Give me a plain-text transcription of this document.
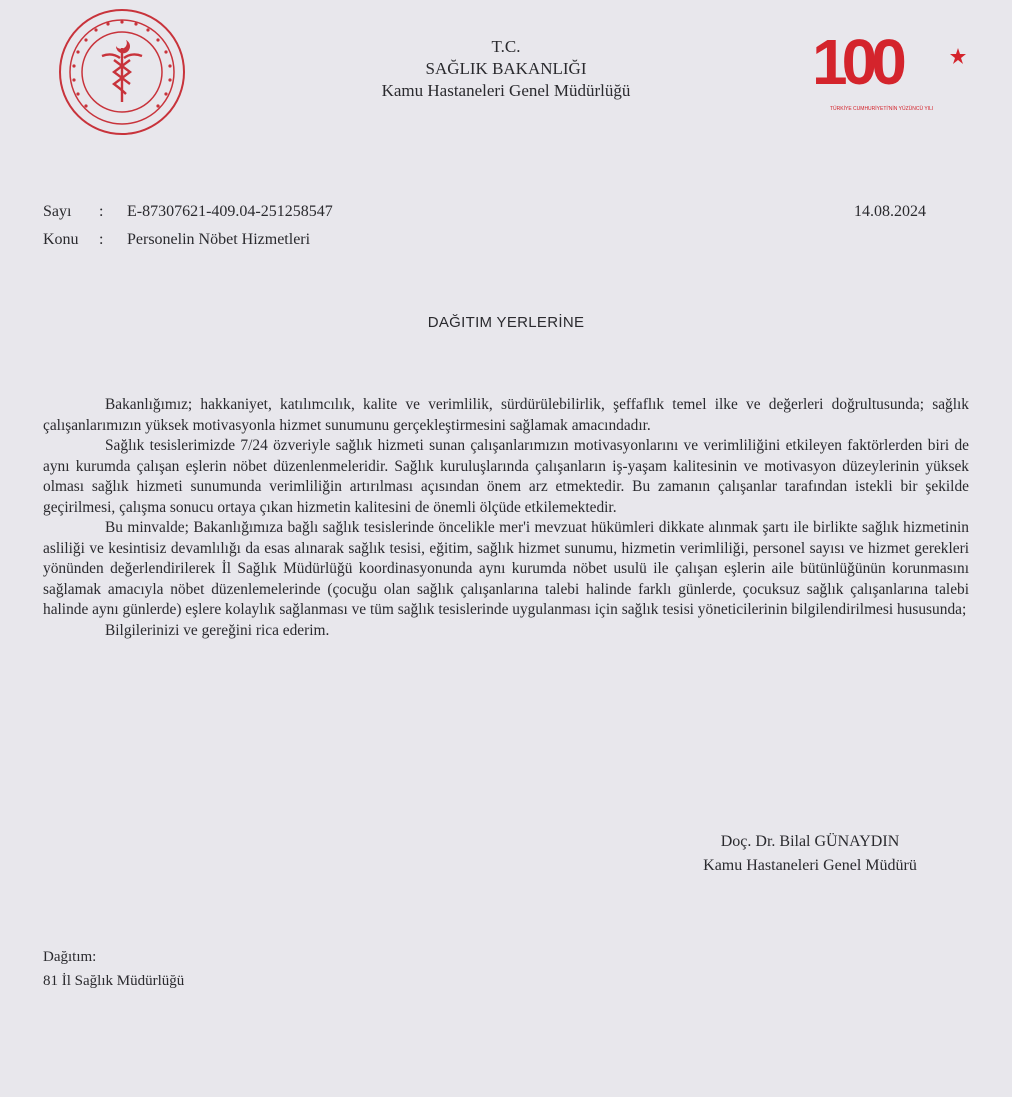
T.C.
SAĞLIK BAKANLIĞI
Kamu Hastaneleri Genel Müdürlüğü	100
TÜRKİYE CUMHURİYETİ'NİN YÜZÜNCÜ YILI
Sayı : E-87307621-409.04-251258547
Konu : Personelin Nöbet Hizmetleri
14.08.2024
DAĞITIM YERLERİNE

Bakanlığımız; hakkaniyet, katılımcılık, kalite ve verimlilik, sürdürülebilirlik, şeffaflık temel ilke ve değerleri doğrultusunda; sağlık çalışanlarımızın yüksek motivasyonla hizmet sunumunu gerçekleştirmesini sağlamak amacındadır.

Sağlık tesislerimizde 7/24 özveriyle sağlık hizmeti sunan çalışanlarımızın motivasyonlarını ve verimliliğini etkileyen faktörlerden biri de aynı kurumda çalışan eşlerin nöbet düzenlenmeleridir. Sağlık kuruluşlarında çalışanların iş-yaşam kalitesinin ve motivasyon düzeylerinin yüksek olması sağlık hizmeti sunumunda verimliliğin artırılması açısından önem arz etmektedir. Bu zamanın çalışanlar tarafından istekli bir şekilde geçirilmesi, çalışma sonucu ortaya çıkan hizmetin kalitesini de önemli ölçüde etkilemektedir.

Bu minvalde; Bakanlığımıza bağlı sağlık tesislerinde öncelikle mer'i mevzuat hükümleri dikkate alınmak şartı ile birlikte sağlık hizmetinin asliliği ve kesintisiz devamlılığı da esas alınarak sağlık tesisi, eğitim, sağlık hizmet sunumu, hizmetin verimliliği, personel sayısı ve hizmet gerekleri yönünden değerlendirilerek İl Sağlık Müdürlüğü koordinasyonunda aynı kurumda nöbet usulü ile çalışan eşlerin aile bütünlüğünün korunmasını sağlamak amacıyla nöbet düzenlemelerinde (çocuğu olan sağlık çalışanlarına talebi halinde farklı günlerde, çocuksuz sağlık çalışanlarına talebi halinde aynı günlerde) eşlere kolaylık sağlanması ve tüm sağlık tesislerinde uygulanması için sağlık tesisi yöneticilerinin bilgilendirilmesi hususunda;

Bilgilerinizi ve gereğini rica ederim.

Doç. Dr. Bilal GÜNAYDIN
Kamu Hastaneleri Genel Müdürü
Dağıtım:
81 İl Sağlık Müdürlüğü
